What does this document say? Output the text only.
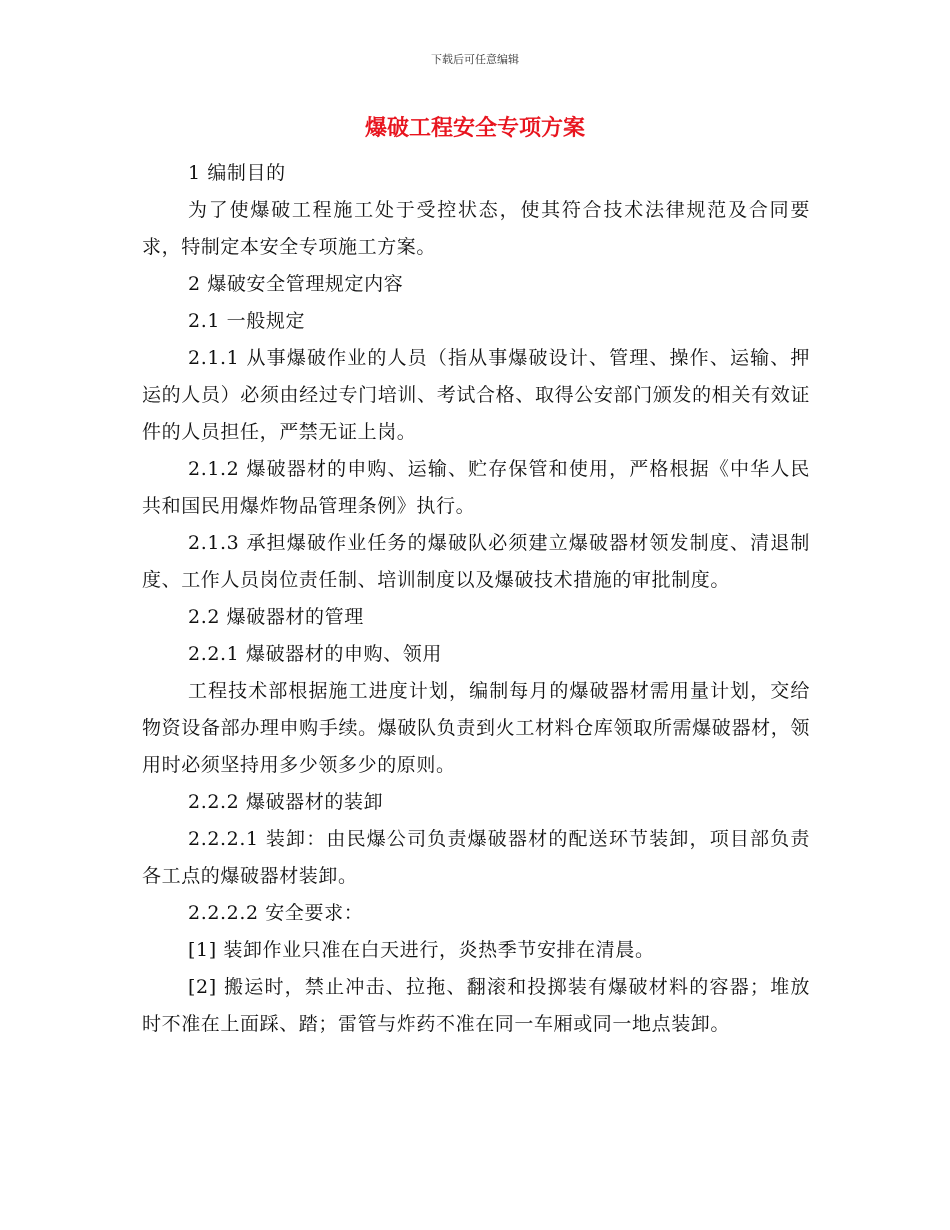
下载后可任意编辑
爆破工程安全专项方案

1 编制目的

为了使爆破工程施工处于受控状态，使其符合技术法律规范及合同要求，特制定本安全专项施工方案。

2 爆破安全管理规定内容

2.1 一般规定

2.1.1 从事爆破作业的人员（指从事爆破设计、管理、操作、运输、押运的人员）必须由经过专门培训、考试合格、取得公安部门颁发的相关有效证件的人员担任，严禁无证上岗。

2.1.2 爆破器材的申购、运输、贮存保管和使用，严格根据《中华人民共和国民用爆炸物品管理条例》执行。

2.1.3 承担爆破作业任务的爆破队必须建立爆破器材领发制度、清退制度、工作人员岗位责任制、培训制度以及爆破技术措施的审批制度。

2.2 爆破器材的管理

2.2.1 爆破器材的申购、领用

工程技术部根据施工进度计划，编制每月的爆破器材需用量计划，交给物资设备部办理申购手续。爆破队负责到火工材料仓库领取所需爆破器材，领用时必须坚持用多少领多少的原则。

2.2.2 爆破器材的装卸

2.2.2.1 装卸：由民爆公司负责爆破器材的配送环节装卸，项目部负责各工点的爆破器材装卸。

2.2.2.2 安全要求：

[1] 装卸作业只准在白天进行，炎热季节安排在清晨。

[2] 搬运时，禁止冲击、拉拖、翻滚和投掷装有爆破材料的容器；堆放时不准在上面踩、踏；雷管与炸药不准在同一车厢或同一地点装卸。
